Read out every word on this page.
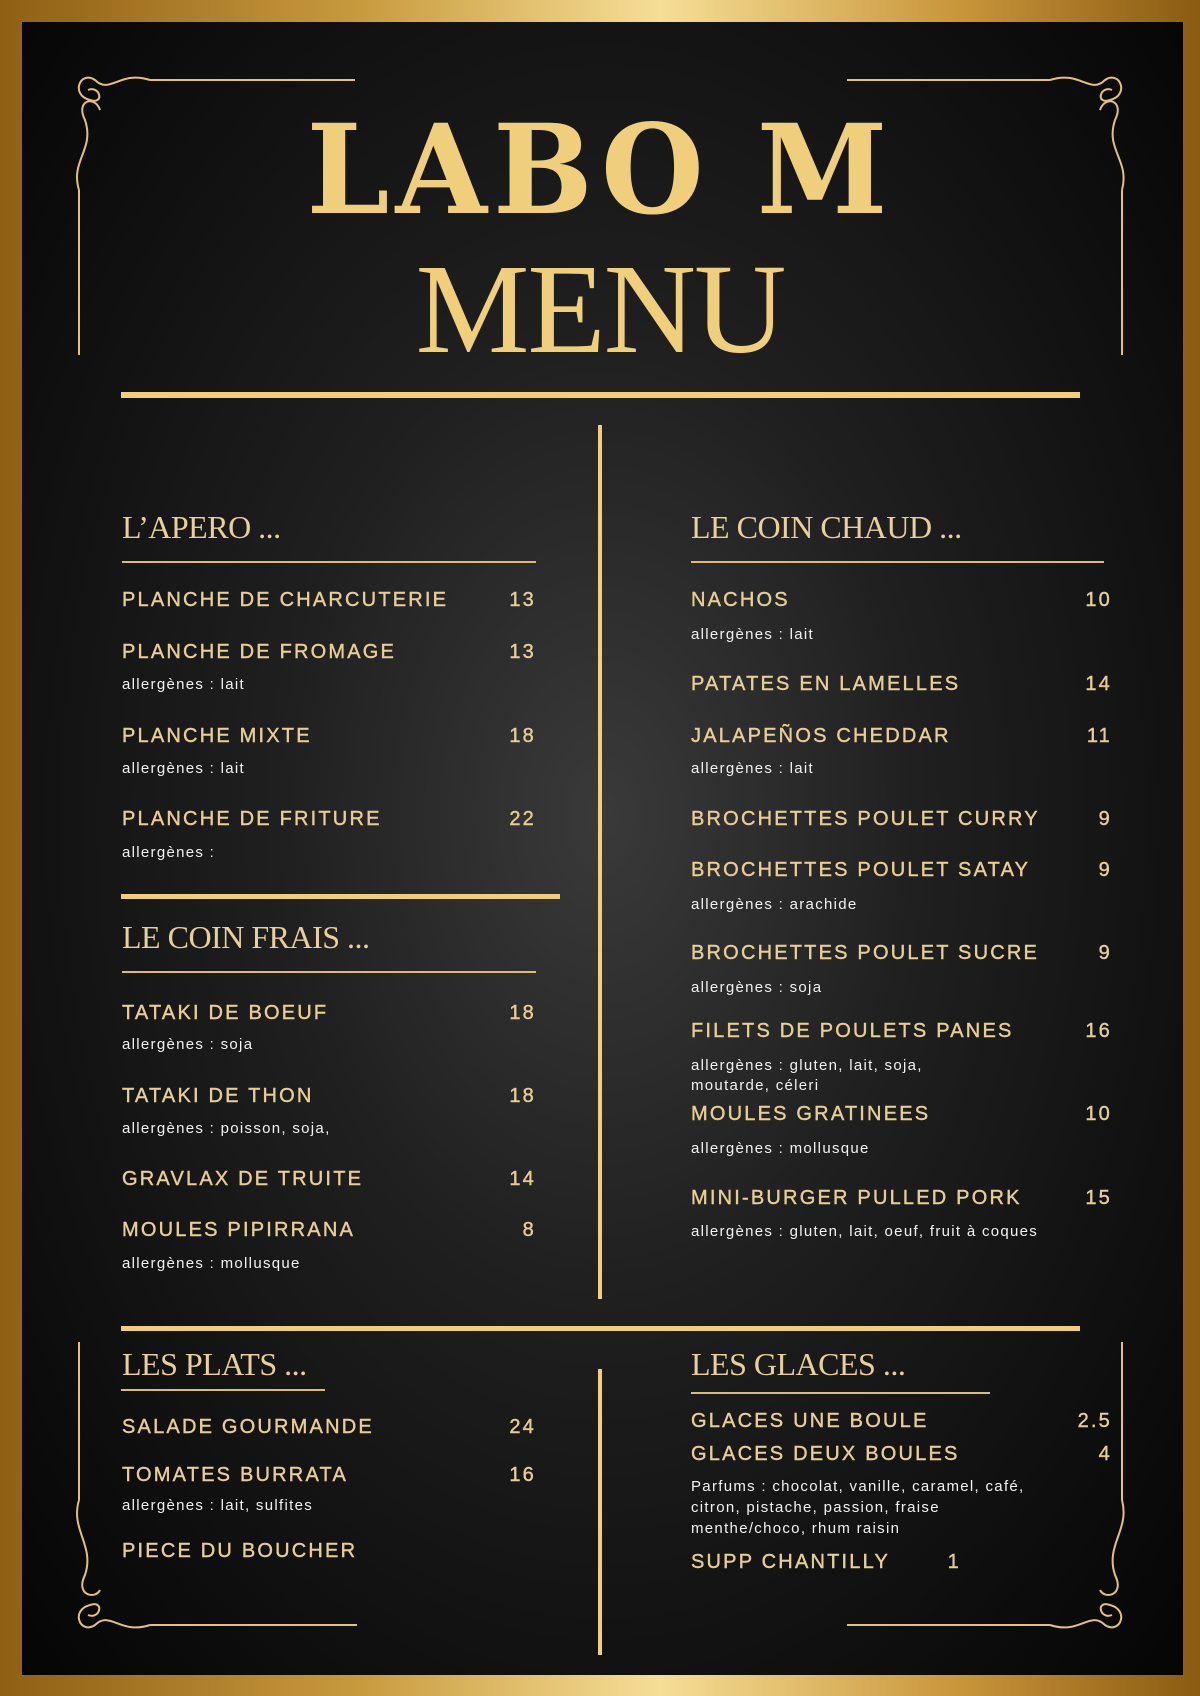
LABO M
MENU
L’APERO ...
PLANCHE DE CHARCUTERIE	13
PLANCHE DE FROMAGE	13
allergènes : lait
PLANCHE MIXTE	18
allergènes : lait
PLANCHE DE FRITURE	22
allergènes :
LE COIN FRAIS ...
TATAKI DE BOEUF	18
allergènes : soja
TATAKI DE THON	18
allergènes : poisson, soja,
GRAVLAX DE TRUITE	14
MOULES PIPIRRANA	8
allergènes : mollusque
LE COIN CHAUD ...
NACHOS	10
allergènes : lait
PATATES EN LAMELLES	14
JALAPEÑOS CHEDDAR	11
allergènes : lait
BROCHETTES POULET CURRY	9
BROCHETTES POULET SATAY	9
allergènes : arachide
BROCHETTES POULET SUCRE	9
allergènes : soja
FILETS DE POULETS PANES	16
allergènes : gluten, lait, soja, moutarde, céleri
MOULES GRATINEES	10
allergènes : mollusque
MINI-BURGER PULLED PORK	15
allergènes : gluten, lait, oeuf, fruit à coques
LES PLATS ...
SALADE GOURMANDE	24
TOMATES BURRATA	16
allergènes : lait, sulfites
PIECE DU BOUCHER
LES GLACES ...
GLACES UNE BOULE	2.5
GLACES DEUX BOULES	4
Parfums : chocolat, vanille, caramel, café, citron, pistache, passion, fraise menthe/choco, rhum raisin
SUPP CHANTILLY	1
